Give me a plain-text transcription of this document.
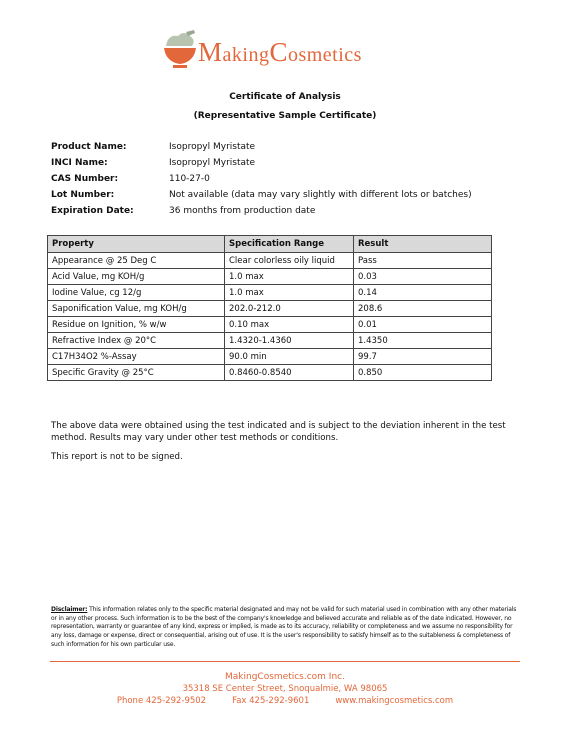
MakingCosmetics
Certificate of Analysis
(Representative Sample Certificate)
Product Name:	Isopropyl Myristate
INCI Name:	Isopropyl Myristate
CAS Number:	110-27-0
Lot Number:	Not available (data may vary slightly with different lots or batches)
Expiration Date:	36 months from production date
Property	Specification Range	Result
Appearance @ 25 Deg C	Clear colorless oily liquid	Pass
Acid Value, mg KOH/g	1.0 max	0.03
Iodine Value, cg 12/g	1.0 max	0.14
Saponification Value, mg KOH/g	202.0-212.0	208.6
Residue on Ignition, % w/w	0.10 max	0.01
Refractive Index @ 20°C	1.4320-1.4360	1.4350
C17H34O2 %-Assay	90.0 min	99.7
Specific Gravity @ 25°C	0.8460-0.8540	0.850

The above data were obtained using the test indicated and is subject to the deviation inherent in the test method. Results may vary under other test methods or conditions.

This report is not to be signed.

Disclaimer: This information relates only to the specific material designated and may not be valid for such material used in combination with any other materials or in any other process. Such information is to be the best of the company's knowledge and believed accurate and reliable as of the date indicated. However, no representation, warranty or guarantee of any kind, express or implied, is made as to its accuracy, reliability or completeness and we assume no responsibility for any loss, damage or expense, direct or consequential, arising out of use. It is the user's responsibility to satisfy himself as to the suitableness & completeness of such information for his own particular use.

MakingCosmetics.com Inc.

35318 SE Center Street, Snoqualmie, WA 98065

Phone 425-292-9502	Fax 425-292-9601	www.makingcosmetics.com
